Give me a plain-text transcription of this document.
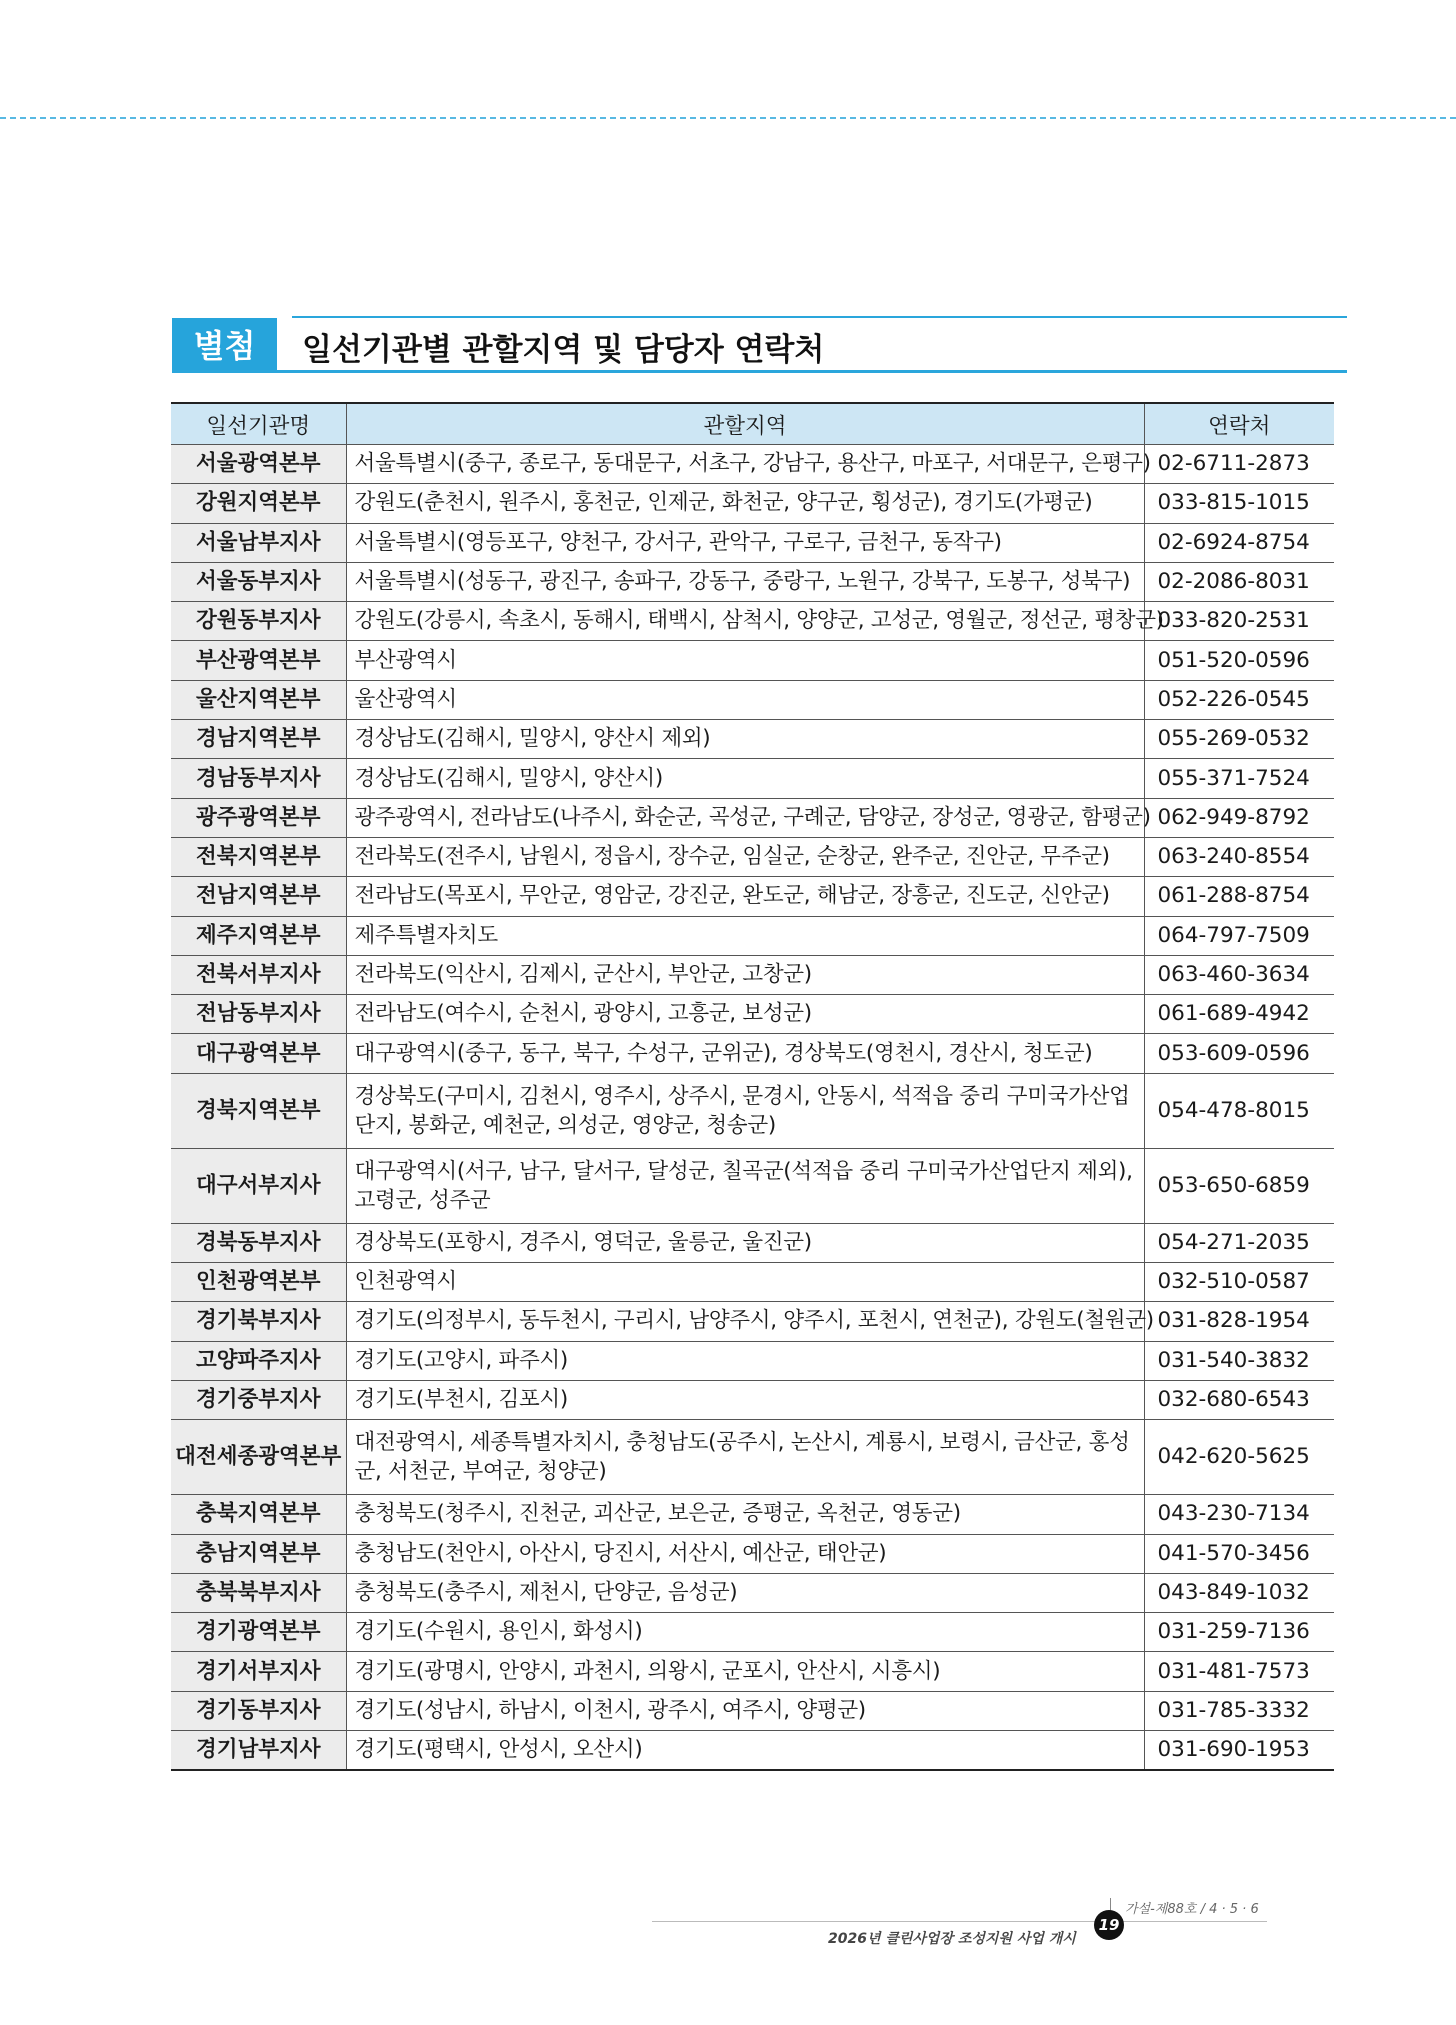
별첨	일선기관별 관할지역 및 담당자 연락처
일선기관명	관할지역	연락처
서울광역본부	서울특별시(중구, 종로구, 동대문구, 서초구, 강남구, 용산구, 마포구, 서대문구, 은평구)	02-6711-2873
강원지역본부	강원도(춘천시, 원주시, 홍천군, 인제군, 화천군, 양구군, 횡성군), 경기도(가평군)	033-815-1015
서울남부지사	서울특별시(영등포구, 양천구, 강서구, 관악구, 구로구, 금천구, 동작구)	02-6924-8754
서울동부지사	서울특별시(성동구, 광진구, 송파구, 강동구, 중랑구, 노원구, 강북구, 도봉구, 성북구)	02-2086-8031
강원동부지사	강원도(강릉시, 속초시, 동해시, 태백시, 삼척시, 양양군, 고성군, 영월군, 정선군, 평창군)	033-820-2531
부산광역본부	부산광역시	051-520-0596
울산지역본부	울산광역시	052-226-0545
경남지역본부	경상남도(김해시, 밀양시, 양산시 제외)	055-269-0532
경남동부지사	경상남도(김해시, 밀양시, 양산시)	055-371-7524
광주광역본부	광주광역시, 전라남도(나주시, 화순군, 곡성군, 구례군, 담양군, 장성군, 영광군, 함평군)	062-949-8792
전북지역본부	전라북도(전주시, 남원시, 정읍시, 장수군, 임실군, 순창군, 완주군, 진안군, 무주군)	063-240-8554
전남지역본부	전라남도(목포시, 무안군, 영암군, 강진군, 완도군, 해남군, 장흥군, 진도군, 신안군)	061-288-8754
제주지역본부	제주특별자치도	064-797-7509
전북서부지사	전라북도(익산시, 김제시, 군산시, 부안군, 고창군)	063-460-3634
전남동부지사	전라남도(여수시, 순천시, 광양시, 고흥군, 보성군)	061-689-4942
대구광역본부	대구광역시(중구, 동구, 북구, 수성구, 군위군), 경상북도(영천시, 경산시, 청도군)	053-609-0596
경북지역본부	경상북도(구미시, 김천시, 영주시, 상주시, 문경시, 안동시, 석적읍 중리 구미국가산업단지, 봉화군, 예천군, 의성군, 영양군, 청송군)	054-478-8015
대구서부지사	대구광역시(서구, 남구, 달서구, 달성군, 칠곡군(석적읍 중리 구미국가산업단지 제외), 고령군, 성주군	053-650-6859
경북동부지사	경상북도(포항시, 경주시, 영덕군, 울릉군, 울진군)	054-271-2035
인천광역본부	인천광역시	032-510-0587
경기북부지사	경기도(의정부시, 동두천시, 구리시, 남양주시, 양주시, 포천시, 연천군), 강원도(철원군)	031-828-1954
고양파주지사	경기도(고양시, 파주시)	031-540-3832
경기중부지사	경기도(부천시, 김포시)	032-680-6543
대전세종광역본부	대전광역시, 세종특별자치시, 충청남도(공주시, 논산시, 계룡시, 보령시, 금산군, 홍성군, 서천군, 부여군, 청양군)	042-620-5625
충북지역본부	충청북도(청주시, 진천군, 괴산군, 보은군, 증평군, 옥천군, 영동군)	043-230-7134
충남지역본부	충청남도(천안시, 아산시, 당진시, 서산시, 예산군, 태안군)	041-570-3456
충북북부지사	충청북도(충주시, 제천시, 단양군, 음성군)	043-849-1032
경기광역본부	경기도(수원시, 용인시, 화성시)	031-259-7136
경기서부지사	경기도(광명시, 안양시, 과천시, 의왕시, 군포시, 안산시, 시흥시)	031-481-7573
경기동부지사	경기도(성남시, 하남시, 이천시, 광주시, 여주시, 양평군)	031-785-3332
경기남부지사	경기도(평택시, 안성시, 오산시)	031-690-1953
가설-제88호 / 4 · 5 · 6
19
2026년 클린사업장 조성지원 사업 개시
